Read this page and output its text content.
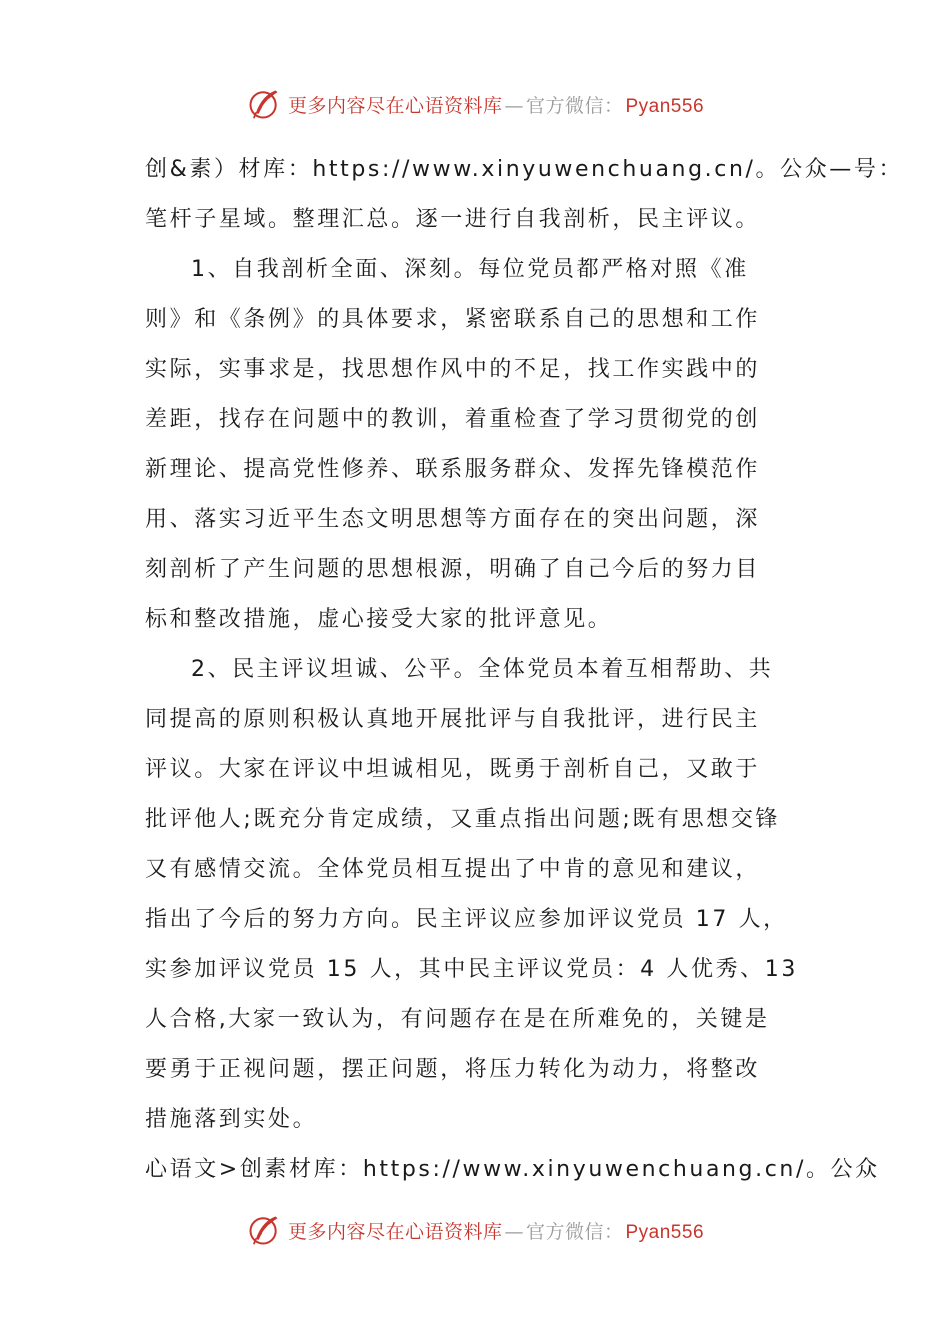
更多内容尽在心语资料库 — 官方微信： Pyan556
创&素）材库：https://www.xinyuwenchuang.cn/。公众—号：
笔杆子星域。整理汇总。逐一进行自我剖析，民主评议。
1、自我剖析全面、深刻。每位党员都严格对照《准
则》和《条例》的具体要求，紧密联系自己的思想和工作
实际，实事求是，找思想作风中的不足，找工作实践中的
差距，找存在问题中的教训，着重检查了学习贯彻党的创
新理论、提高党性修养、联系服务群众、发挥先锋模范作
用、落实习近平生态文明思想等方面存在的突出问题，深
刻剖析了产生问题的思想根源，明确了自己今后的努力目
标和整改措施，虚心接受大家的批评意见。
2、民主评议坦诚、公平。全体党员本着互相帮助、共
同提高的原则积极认真地开展批评与自我批评，进行民主
评议。大家在评议中坦诚相见，既勇于剖析自己，又敢于
批评他人;既充分肯定成绩，又重点指出问题;既有思想交锋
又有感情交流。全体党员相互提出了中肯的意见和建议，
指出了今后的努力方向。民主评议应参加评议党员 17 人，
实参加评议党员 15 人，其中民主评议党员：4 人优秀、13
人合格,大家一致认为，有问题存在是在所难免的，关键是
要勇于正视问题，摆正问题，将压力转化为动力，将整改
措施落到实处。
心语文>创素材库：https://www.xinyuwenchuang.cn/。公众
更多内容尽在心语资料库 — 官方微信： Pyan556
